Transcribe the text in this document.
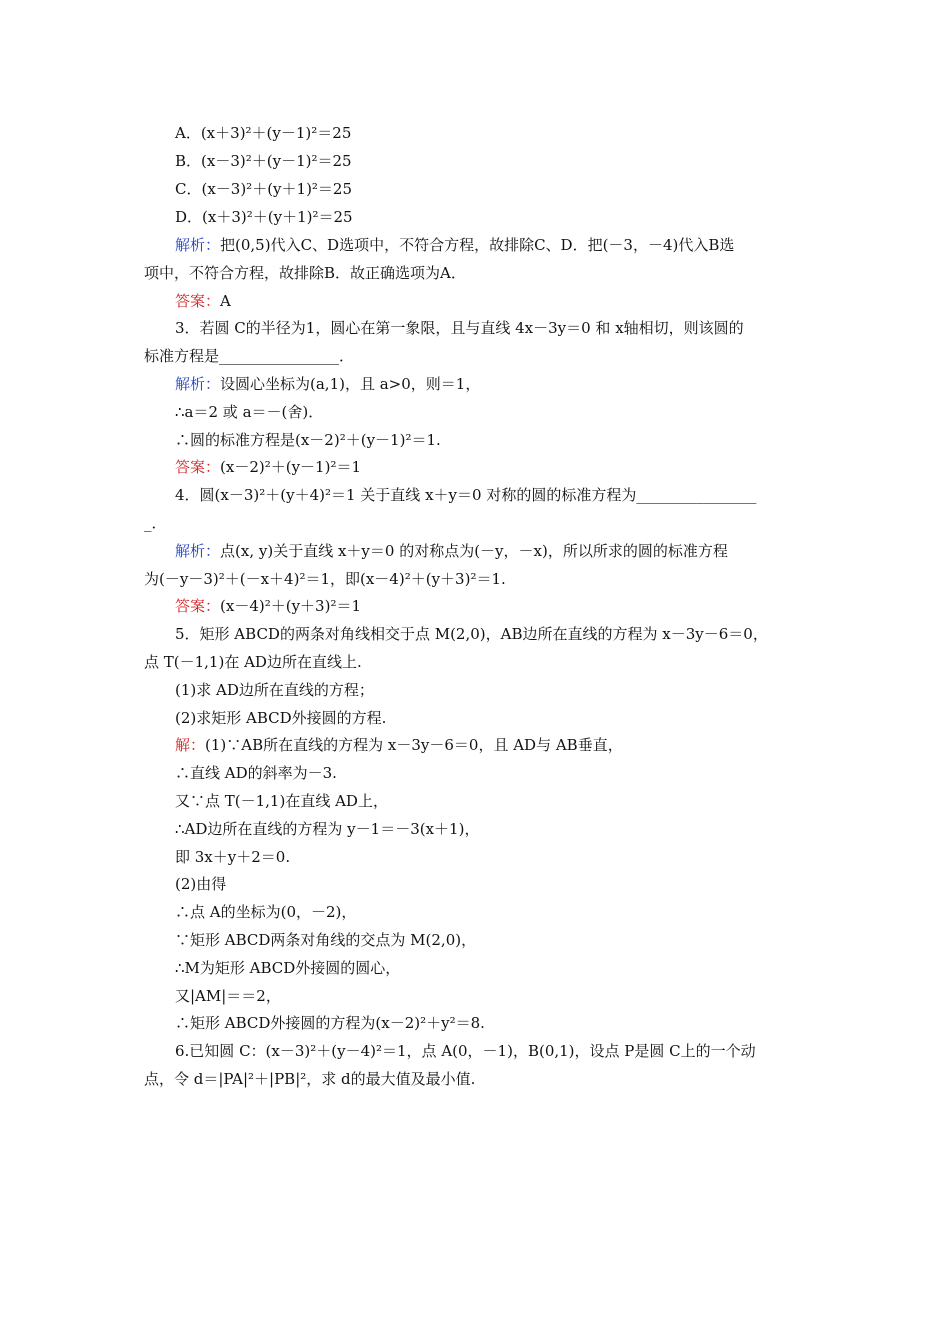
A．(x＋3)²＋(y－1)²＝25
B．(x－3)²＋(y－1)²＝25
C．(x－3)²＋(y＋1)²＝25
D．(x＋3)²＋(y＋1)²＝25
解析：把(0,5)代入C、D选项中，不符合方程，故排除C、D．把(－3，－4)代入B选
项中，不符合方程，故排除B．故正确选项为A．
答案：A
3．若圆 C的半径为1，圆心在第一象限，且与直线 4x－3y＝0 和 x轴相切，则该圆的
标准方程是________________．
解析：设圆心坐标为(a,1)，且 a>0，则＝1，
∴a＝2 或 a＝－(舍)．
∴圆的标准方程是(x－2)²＋(y－1)²＝1.
答案：(x－2)²＋(y－1)²＝1
4．圆(x－3)²＋(y＋4)²＝1 关于直线 x＋y＝0 对称的圆的标准方程为________________
_．
解析：点(x, y)关于直线 x＋y＝0 的对称点为(－y，－x)，所以所求的圆的标准方程
为(－y－3)²＋(－x＋4)²＝1，即(x－4)²＋(y＋3)²＝1.
答案：(x－4)²＋(y＋3)²＝1
5．矩形 ABCD的两条对角线相交于点 M(2,0)，AB边所在直线的方程为 x－3y－6＝0，
点 T(－1,1)在 AD边所在直线上.
(1)求 AD边所在直线的方程；
(2)求矩形 ABCD外接圆的方程.
解：(1)∵AB所在直线的方程为 x－3y－6＝0，且 AD与 AB垂直，
∴直线 AD的斜率为－3.
又∵点 T(－1,1)在直线 AD上，
∴AD边所在直线的方程为 y－1＝－3(x＋1)，
即 3x＋y＋2＝0.
(2)由得
∴点 A的坐标为(0，－2)，
∵矩形 ABCD两条对角线的交点为 M(2,0)，
∴M为矩形 ABCD外接圆的圆心，
又|AM|＝＝2，
∴矩形 ABCD外接圆的方程为(x－2)²＋y²＝8.
6.已知圆 C：(x－3)²＋(y－4)²＝1，点 A(0，－1)，B(0,1)，设点 P是圆 C上的一个动
点，令 d＝|PA|²＋|PB|²，求 d的最大值及最小值.
